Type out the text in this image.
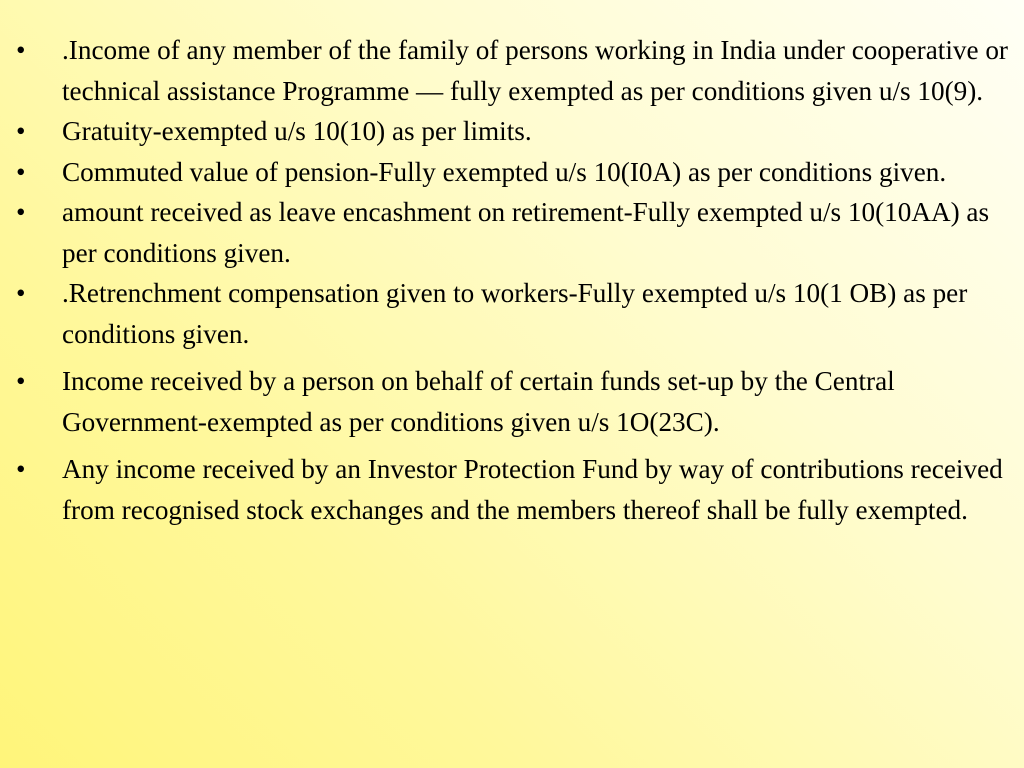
•	.Income of any member of the family of persons working in India under cooperative or technical assistance Programme — fully exempted as per conditions given u/s 10(9).
•	Gratuity-exempted u/s 10(10) as per limits.
•	Commuted value of pension-Fully exempted u/s 10(I0A) as per conditions given.
•	amount received as leave encashment on retirement-Fully exempted u/s 10(10AA) as per conditions given.
•	.Retrenchment compensation given to workers-Fully exempted u/s 10(1 OB) as per conditions given.
•	Income received by a person on behalf of certain funds set-up by the Central Government-exempted as per conditions given u/s 1O(23C).
•	Any income received by an Investor Protection Fund by way of contributions received from recognised stock exchanges and the members thereof shall be fully exempted.
